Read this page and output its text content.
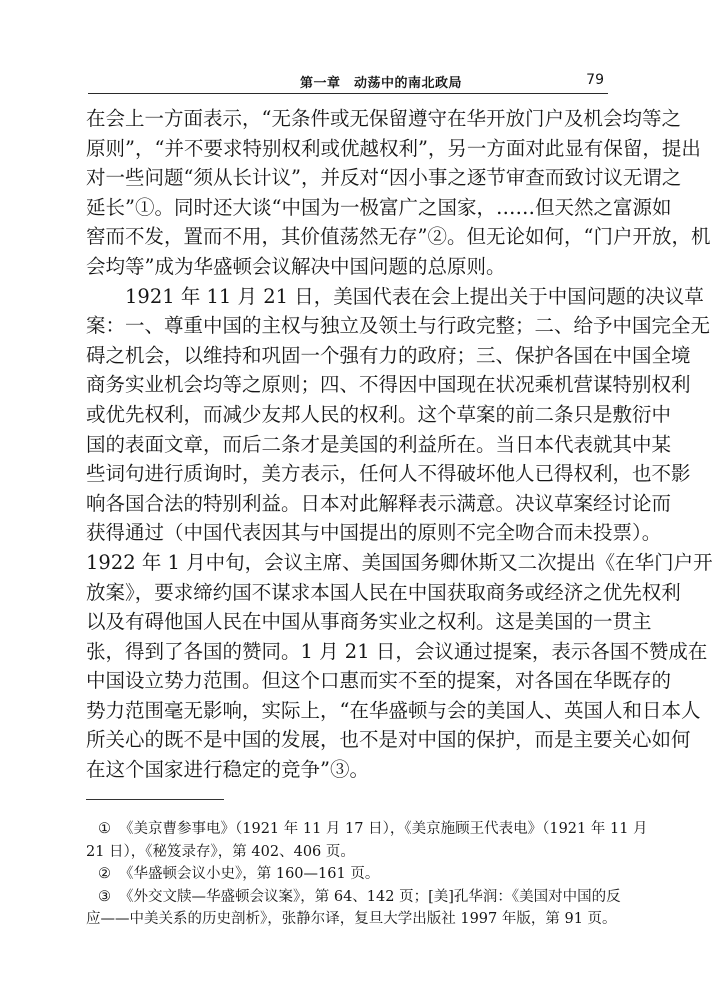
第一章　动荡中的南北政局	79
在会上一方面表示，“无条件或无保留遵守在华开放门户及机会均等之
原则”，“并不要求特别权利或优越权利”，另一方面对此显有保留，提出
对一些问题“须从长计议”，并反对“因小事之逐节审查而致讨议无谓之
延长”①。同时还大谈“中国为一极富广之国家，……但天然之富源如
窖而不发，置而不用，其价值荡然无存”②。但无论如何，“门户开放，机
会均等”成为华盛顿会议解决中国问题的总原则。
　　1921 年 11 月 21 日，美国代表在会上提出关于中国问题的决议草
案：一、尊重中国的主权与独立及领土与行政完整；二、给予中国完全无
碍之机会，以维持和巩固一个强有力的政府；三、保护各国在中国全境
商务实业机会均等之原则；四、不得因中国现在状况乘机营谋特别权利
或优先权利，而减少友邦人民的权利。这个草案的前二条只是敷衍中
国的表面文章，而后二条才是美国的利益所在。当日本代表就其中某
些词句进行质询时，美方表示，任何人不得破坏他人已得权利，也不影
响各国合法的特别利益。日本对此解释表示满意。决议草案经讨论而
获得通过（中国代表因其与中国提出的原则不完全吻合而未投票）。
1922 年 1 月中旬，会议主席、美国国务卿休斯又二次提出《在华门户开
放案》，要求缔约国不谋求本国人民在中国获取商务或经济之优先权利
以及有碍他国人民在中国从事商务实业之权利。这是美国的一贯主
张，得到了各国的赞同。1 月 21 日，会议通过提案，表示各国不赞成在
中国设立势力范围。但这个口惠而实不至的提案，对各国在华既存的
势力范围毫无影响，实际上，“在华盛顿与会的美国人、英国人和日本人
所关心的既不是中国的发展，也不是对中国的保护，而是主要关心如何
在这个国家进行稳定的竞争”③。
① 《美京曹参事电》（1921 年 11 月 17 日），《美京施顾王代表电》（1921 年 11 月
21 日），《秘笈录存》，第 402、406 页。
② 《华盛顿会议小史》，第 160—161 页。
③ 《外交文牍—华盛顿会议案》，第 64、142 页；[美]孔华润：《美国对中国的反
应——中美关系的历史剖析》，张静尔译，复旦大学出版社 1997 年版，第 91 页。
